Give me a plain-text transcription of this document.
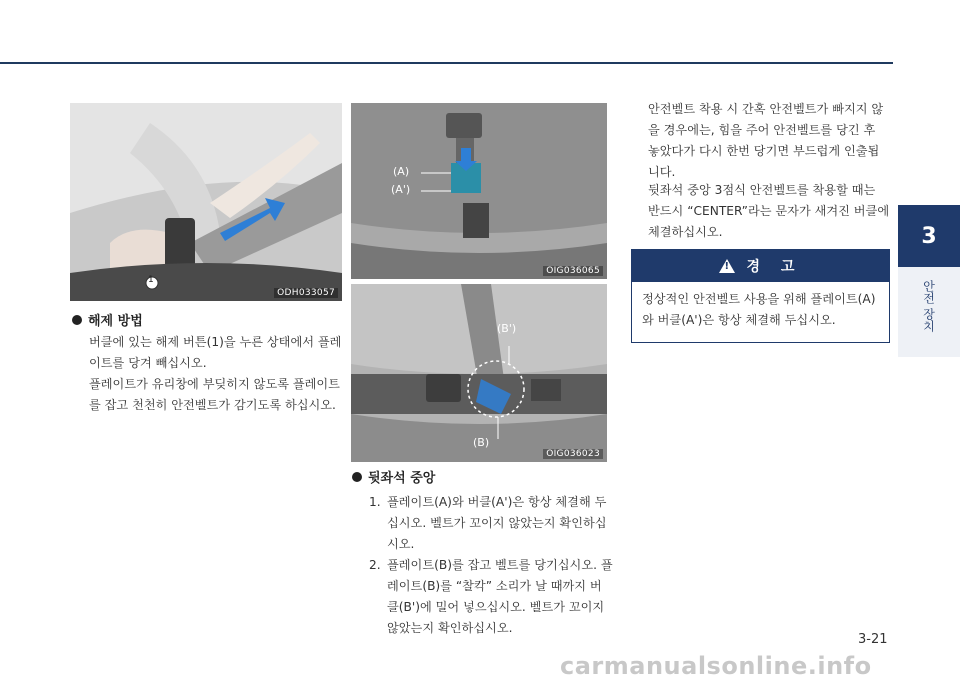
3
안전 장치
1
ODH033057
(A)
(A')
OIG036065
(B')
(B)
OIG036023
해제 방법
버클에 있는 해제 버튼(1)을 누른 상태에서 플레이트를 당겨 빼십시오.
플레이트가 유리창에 부딪히지 않도록 플레이트를 잡고 천천히 안전벨트가 감기도록 하십시오.
뒷좌석 중앙
1. 플레이트(A)와 버클(A')은 항상 체결해 두십시오. 벨트가 꼬이지 않았는지 확인하십시오.
2. 플레이트(B)를 잡고 벨트를 당기십시오. 플레이트(B)를 “찰칵” 소리가 날 때까지 버클(B')에 밀어 넣으십시오. 벨트가 꼬이지 않았는지 확인하십시오.
안전벨트 착용 시 간혹 안전벨트가 빠지지 않을 경우에는, 힘을 주어 안전벨트를 당긴 후 놓았다가 다시 한번 당기면 부드럽게 인출됩니다.
뒷좌석 중앙 3점식 안전벨트를 착용할 때는 반드시 “CENTER”라는 문자가 새겨진 버클에 체결하십시오.
! 경 고
정상적인 안전벨트 사용을 위해 플레이트(A)와 버클(A')은 항상 체결해 두십시오.
3-21
carmanualsonline.info
